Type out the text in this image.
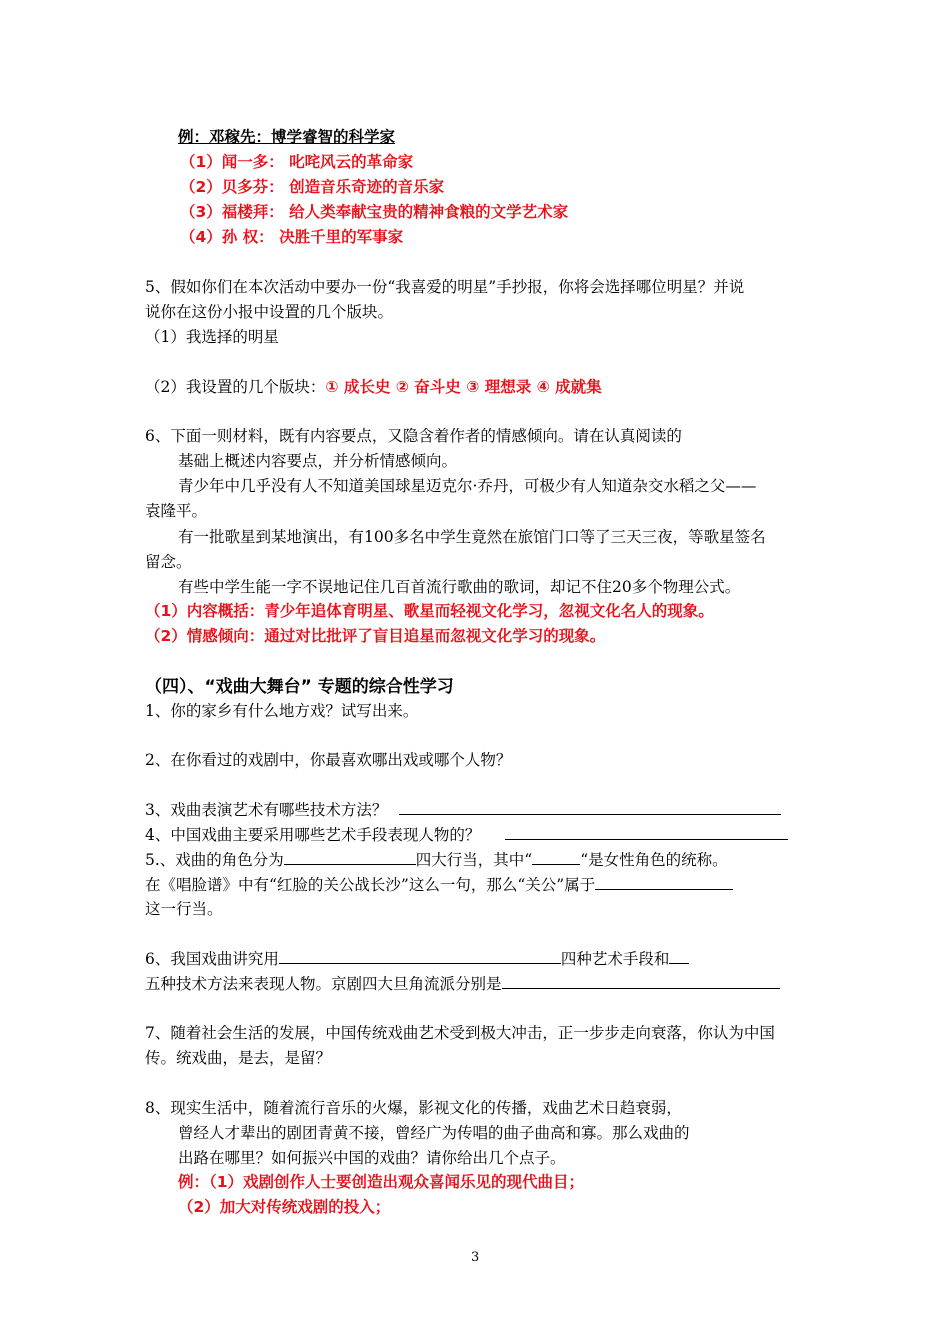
例：邓稼先：博学睿智的科学家
（1）闻一多： 叱咤风云的革命家
（2）贝多芬： 创造音乐奇迹的音乐家
（3）福楼拜： 给人类奉献宝贵的精神食粮的文学艺术家
（4）孙 权： 决胜千里的军事家
5、假如你们在本次活动中要办一份“我喜爱的明星”手抄报，你将会选择哪位明星？并说
说你在这份小报中设置的几个版块。
（1）我选择的明星
（2）我设置的几个版块：① 成长史 ② 奋斗史 ③ 理想录 ④ 成就集
6、下面一则材料，既有内容要点，又隐含着作者的情感倾向。请在认真阅读的
基础上概述内容要点，并分析情感倾向。
青少年中几乎没有人不知道美国球星迈克尔·乔丹，可极少有人知道杂交水稻之父——
袁隆平。
有一批歌星到某地演出，有100多名中学生竟然在旅馆门口等了三天三夜，等歌星签名
留念。
有些中学生能一字不误地记住几百首流行歌曲的歌词，却记不住20多个物理公式。
（1）内容概括：青少年追体育明星、歌星而轻视文化学习，忽视文化名人的现象。
（2）情感倾向：通过对比批评了盲目追星而忽视文化学习的现象。
（四）、“戏曲大舞台” 专题的综合性学习
1、你的家乡有什么地方戏？试写出来。
2、在你看过的戏剧中，你最喜欢哪出戏或哪个人物？
3、戏曲表演艺术有哪些技术方法？
4、中国戏曲主要采用哪些艺术手段表现人物的？
5.、戏曲的角色分为	四大行当，其中“	“是女性角色的统称。
在《唱脸谱》中有“红脸的关公战长沙”这么一句，那么“关公”属于
这一行当。
6、我国戏曲讲究用	四种艺术手段和
五种技术方法来表现人物。京剧四大旦角流派分别是
7、随着社会生活的发展，中国传统戏曲艺术受到极大冲击，正一步步走向衰落，你认为中国
传。统戏曲，是去，是留？
8、现实生活中，随着流行音乐的火爆，影视文化的传播，戏曲艺术日趋衰弱，
曾经人才辈出的剧团青黄不接，曾经广为传唱的曲子曲高和寡。那么戏曲的
出路在哪里？如何振兴中国的戏曲？请你给出几个点子。
例：（1）戏剧创作人士要创造出观众喜闻乐见的现代曲目；
（2）加大对传统戏剧的投入；
3
